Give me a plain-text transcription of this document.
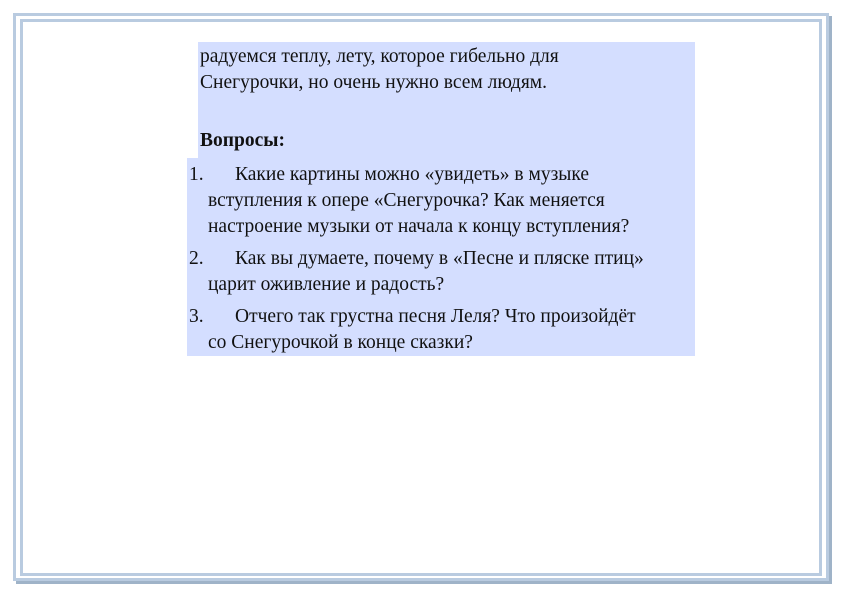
радуемся теплу, лету, которое гибельно для
Снегурочки, но очень нужно всем людям.
Вопросы:
1. Какие картины можно «увидеть» в музыке
вступления к опере «Снегурочка? Как меняется
настроение музыки от начала к концу вступления?
2. Как вы думаете, почему в «Песне и пляске птиц»
царит оживление и радость?
3. Отчего так грустна песня Леля? Что произойдёт
со Снегурочкой в конце сказки?
